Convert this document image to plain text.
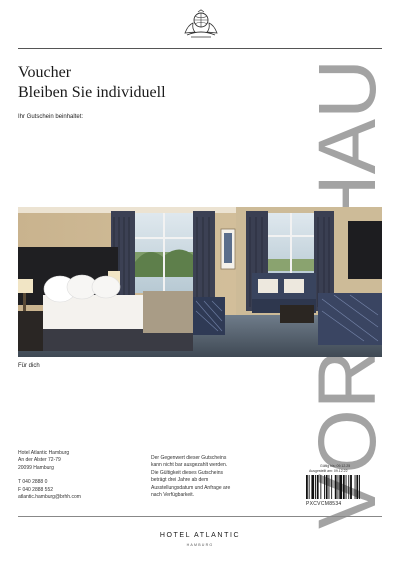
Voucher
Bleiben Sie individuell
Ihr Gutschein beinhaltet:
Für dich
Hotel Atlantic Hamburg
An der Alster 72-79
20099 Hamburg
T 040 2888 0
F 040 2888 552
atlantic.hamburg@brhh.com
Der Gegenwert dieser Gutscheins
kann nicht bar ausgezahlt werden.
Die Gültigkeit dieses Gutscheins
beträgt drei Jahre ab dem
Ausstellungsdatum und Anfrage are
nach Verfügbarkeit.
Gültig bis: 09.12.25
Ausgestellt am: 09.12.22
PXCVCM8534
HOTEL ATLANTIC
HAMBURG
